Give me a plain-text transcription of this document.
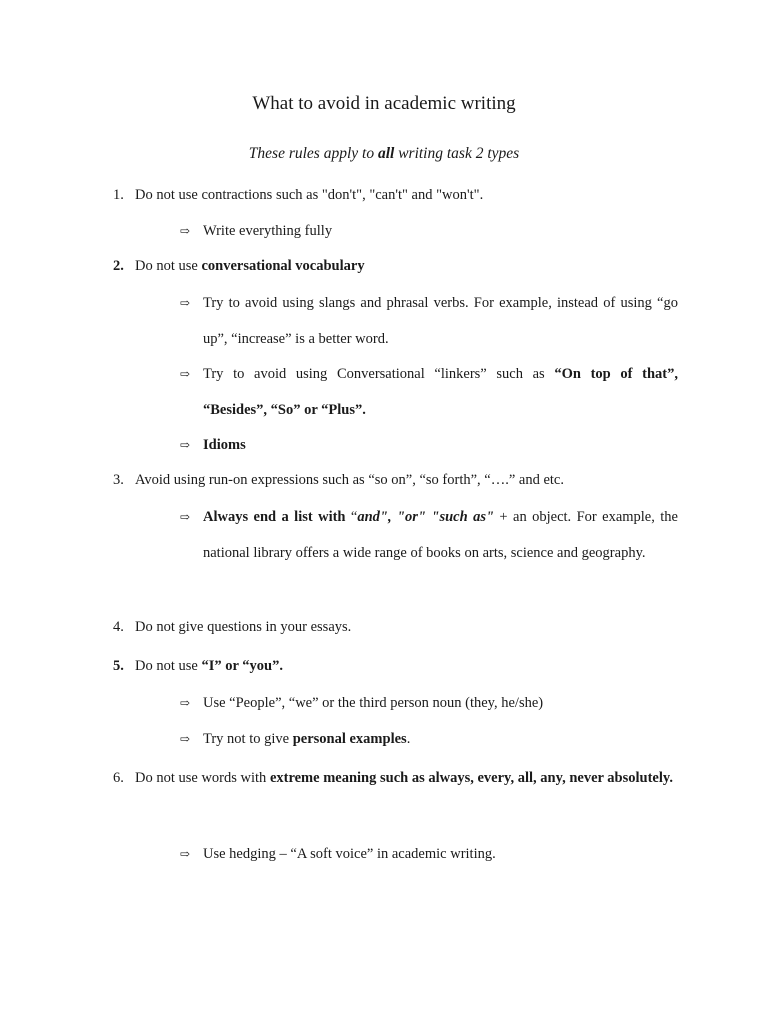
What to avoid in academic writing
These rules apply to all writing task 2 types
1. Do not use contractions such as "don't", "can't" and "won't".
⇨ Write everything fully
2. Do not use conversational vocabulary
⇨ Try to avoid using slangs and phrasal verbs. For example, instead of using “go up”, “increase” is a better word.
⇨ Try to avoid using Conversational “linkers” such as “On top of that”, “Besides”, “So” or “Plus”.
⇨ Idioms
3. Avoid using run-on expressions such as “so on”, “so forth”, “….” and etc.
⇨ Always end a list with “and", "or" "such as" + an object. For example, the national library offers a wide range of books on arts, science and geography.
4. Do not give questions in your essays.
5. Do not use “I” or “you”.
⇨ Use “People”, “we” or the third person noun (they, he/she)
⇨ Try not to give personal examples.
6. Do not use words with extreme meaning such as always, every, all, any, never absolutely.
⇨ Use hedging – “A soft voice” in academic writing.
